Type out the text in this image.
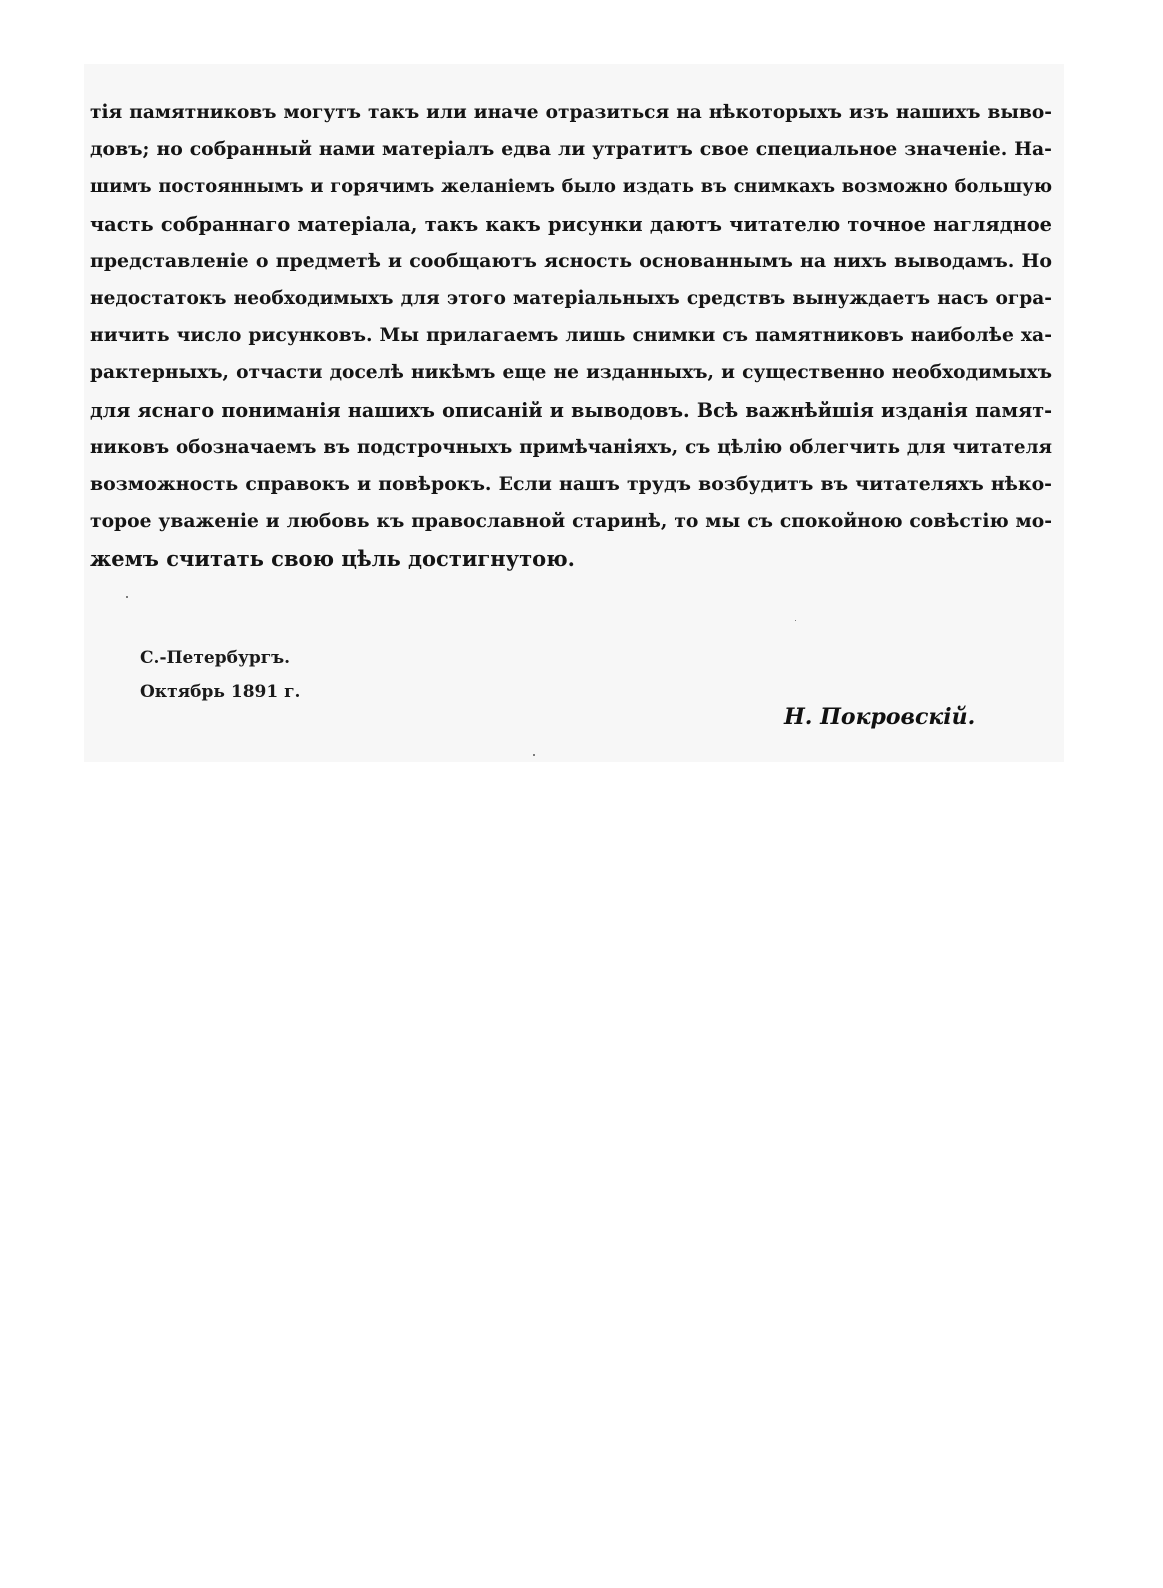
тія памятниковъ могутъ такъ или иначе отразиться на нѣкоторыхъ изъ нашихъ выво-
довъ; но собранный нами матеріалъ едва ли утратитъ свое специальное значеніе. На-
шимъ постояннымъ и горячимъ желаніемъ было издать въ снимкахъ возможно большую
часть собраннаго матеріала, такъ какъ рисунки даютъ читателю точное наглядное
представленіе о предметѣ и сообщаютъ ясность основаннымъ на нихъ выводамъ. Но
недостатокъ необходимыхъ для этого матеріальныхъ средствъ вынуждаетъ насъ огра-
ничить число рисунковъ. Мы прилагаемъ лишь снимки съ памятниковъ наиболѣе ха-
рактерныхъ, отчасти доселѣ никѣмъ еще не изданныхъ, и существенно необходимыхъ
для яснаго пониманія нашихъ описаній и выводовъ. Всѣ важнѣйшія изданія памят-
никовъ обозначаемъ въ подстрочныхъ примѣчаніяхъ, съ цѣлію облегчить для читателя
возможность справокъ и повѣрокъ. Если нашъ трудъ возбудитъ въ читателяхъ нѣко-
торое уваженіе и любовь къ православной старинѣ, то мы съ спокойною совѣстію мо-
жемъ считать свою цѣль достигнутою.
С.-Петербургъ.
Октябрь 1891 г.
Н. Покровскій.
